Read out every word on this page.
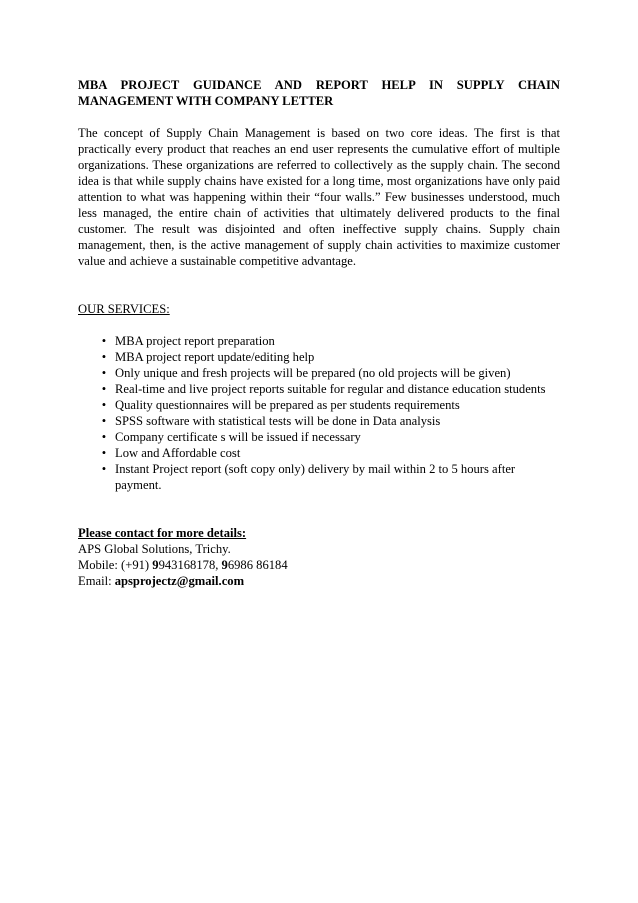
MBA PROJECT GUIDANCE AND REPORT HELP IN SUPPLY CHAIN
MANAGEMENT WITH COMPANY LETTER

The concept of Supply Chain Management is based on two core ideas. The first is that practically every product that reaches an end user represents the cumulative effort of multiple organizations. These organizations are referred to collectively as the supply chain. The second idea is that while supply chains have existed for a long time, most organizations have only paid attention to what was happening within their “four walls.” Few businesses understood, much less managed, the entire chain of activities that ultimately delivered products to the final customer. The result was disjointed and often ineffective supply chains. Supply chain management, then, is the active management of supply chain activities to maximize customer value and achieve a sustainable competitive advantage.

OUR SERVICES:

• MBA project report preparation
• MBA project report update/editing help
• Only unique and fresh projects will be prepared (no old projects will be given)
• Real-time and live project reports suitable for regular and distance education students
• Quality questionnaires will be prepared as per students requirements
• SPSS software with statistical tests will be done in Data analysis
• Company certificate s will be issued if necessary
• Low and Affordable cost
• Instant Project report (soft copy only) delivery by mail within 2 to 5 hours after payment.

Please contact for more details:

APS Global Solutions, Trichy.

Mobile: (+91) 9943168178, 96986 86184

Email: apsprojectz@gmail.com
